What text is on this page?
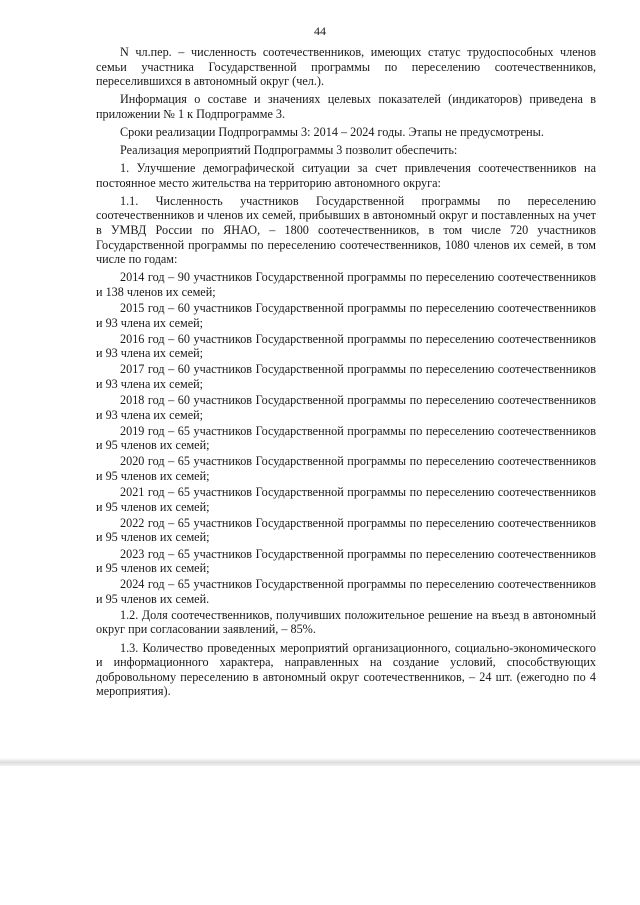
44

N чл.пер. – численность соотечественников, имеющих статус трудоспособных членов семьи участника Государственной программы по переселению соотечественников, переселившихся в автономный округ (чел.).

Информация о составе и значениях целевых показателей (индикаторов) приведена в приложении № 1 к Подпрограмме 3.

Сроки реализации Подпрограммы 3: 2014 – 2024 годы. Этапы не предусмотрены.

Реализация мероприятий Подпрограммы 3 позволит обеспечить:

1. Улучшение демографической ситуации за счет привлечения соотечественников на постоянное место жительства на территорию автономного округа:

1.1. Численность участников Государственной программы по переселению соотечественников и членов их семей, прибывших в автономный округ и поставленных на учет в УМВД России по ЯНАО, – 1800 соотечественников, в том числе 720 участников Государственной программы по переселению соотечественников, 1080 членов их семей, в том числе по годам:

2014 год – 90 участников Государственной программы по переселению соотечественников и 138 членов их семей;

2015 год – 60 участников Государственной программы по переселению соотечественников и 93 члена их семей;

2016 год – 60 участников Государственной программы по переселению соотечественников и 93 члена их семей;

2017 год – 60 участников Государственной программы по переселению соотечественников и 93 члена их семей;

2018 год – 60 участников Государственной программы по переселению соотечественников и 93 члена их семей;

2019 год – 65 участников Государственной программы по переселению соотечественников и 95 членов их семей;

2020 год – 65 участников Государственной программы по переселению соотечественников и 95 членов их семей;

2021 год – 65 участников Государственной программы по переселению соотечественников и 95 членов их семей;

2022 год – 65 участников Государственной программы по переселению соотечественников и 95 членов их семей;

2023 год – 65 участников Государственной программы по переселению соотечественников и 95 членов их семей;

2024 год – 65 участников Государственной программы по переселению соотечественников и 95 членов их семей.

1.2. Доля соотечественников, получивших положительное решение на въезд в автономный округ при согласовании заявлений, – 85%.

1.3. Количество проведенных мероприятий организационного, социально-экономического и информационного характера, направленных на создание условий, способствующих добровольному переселению в автономный округ соотечественников, – 24 шт. (ежегодно по 4 мероприятия).
